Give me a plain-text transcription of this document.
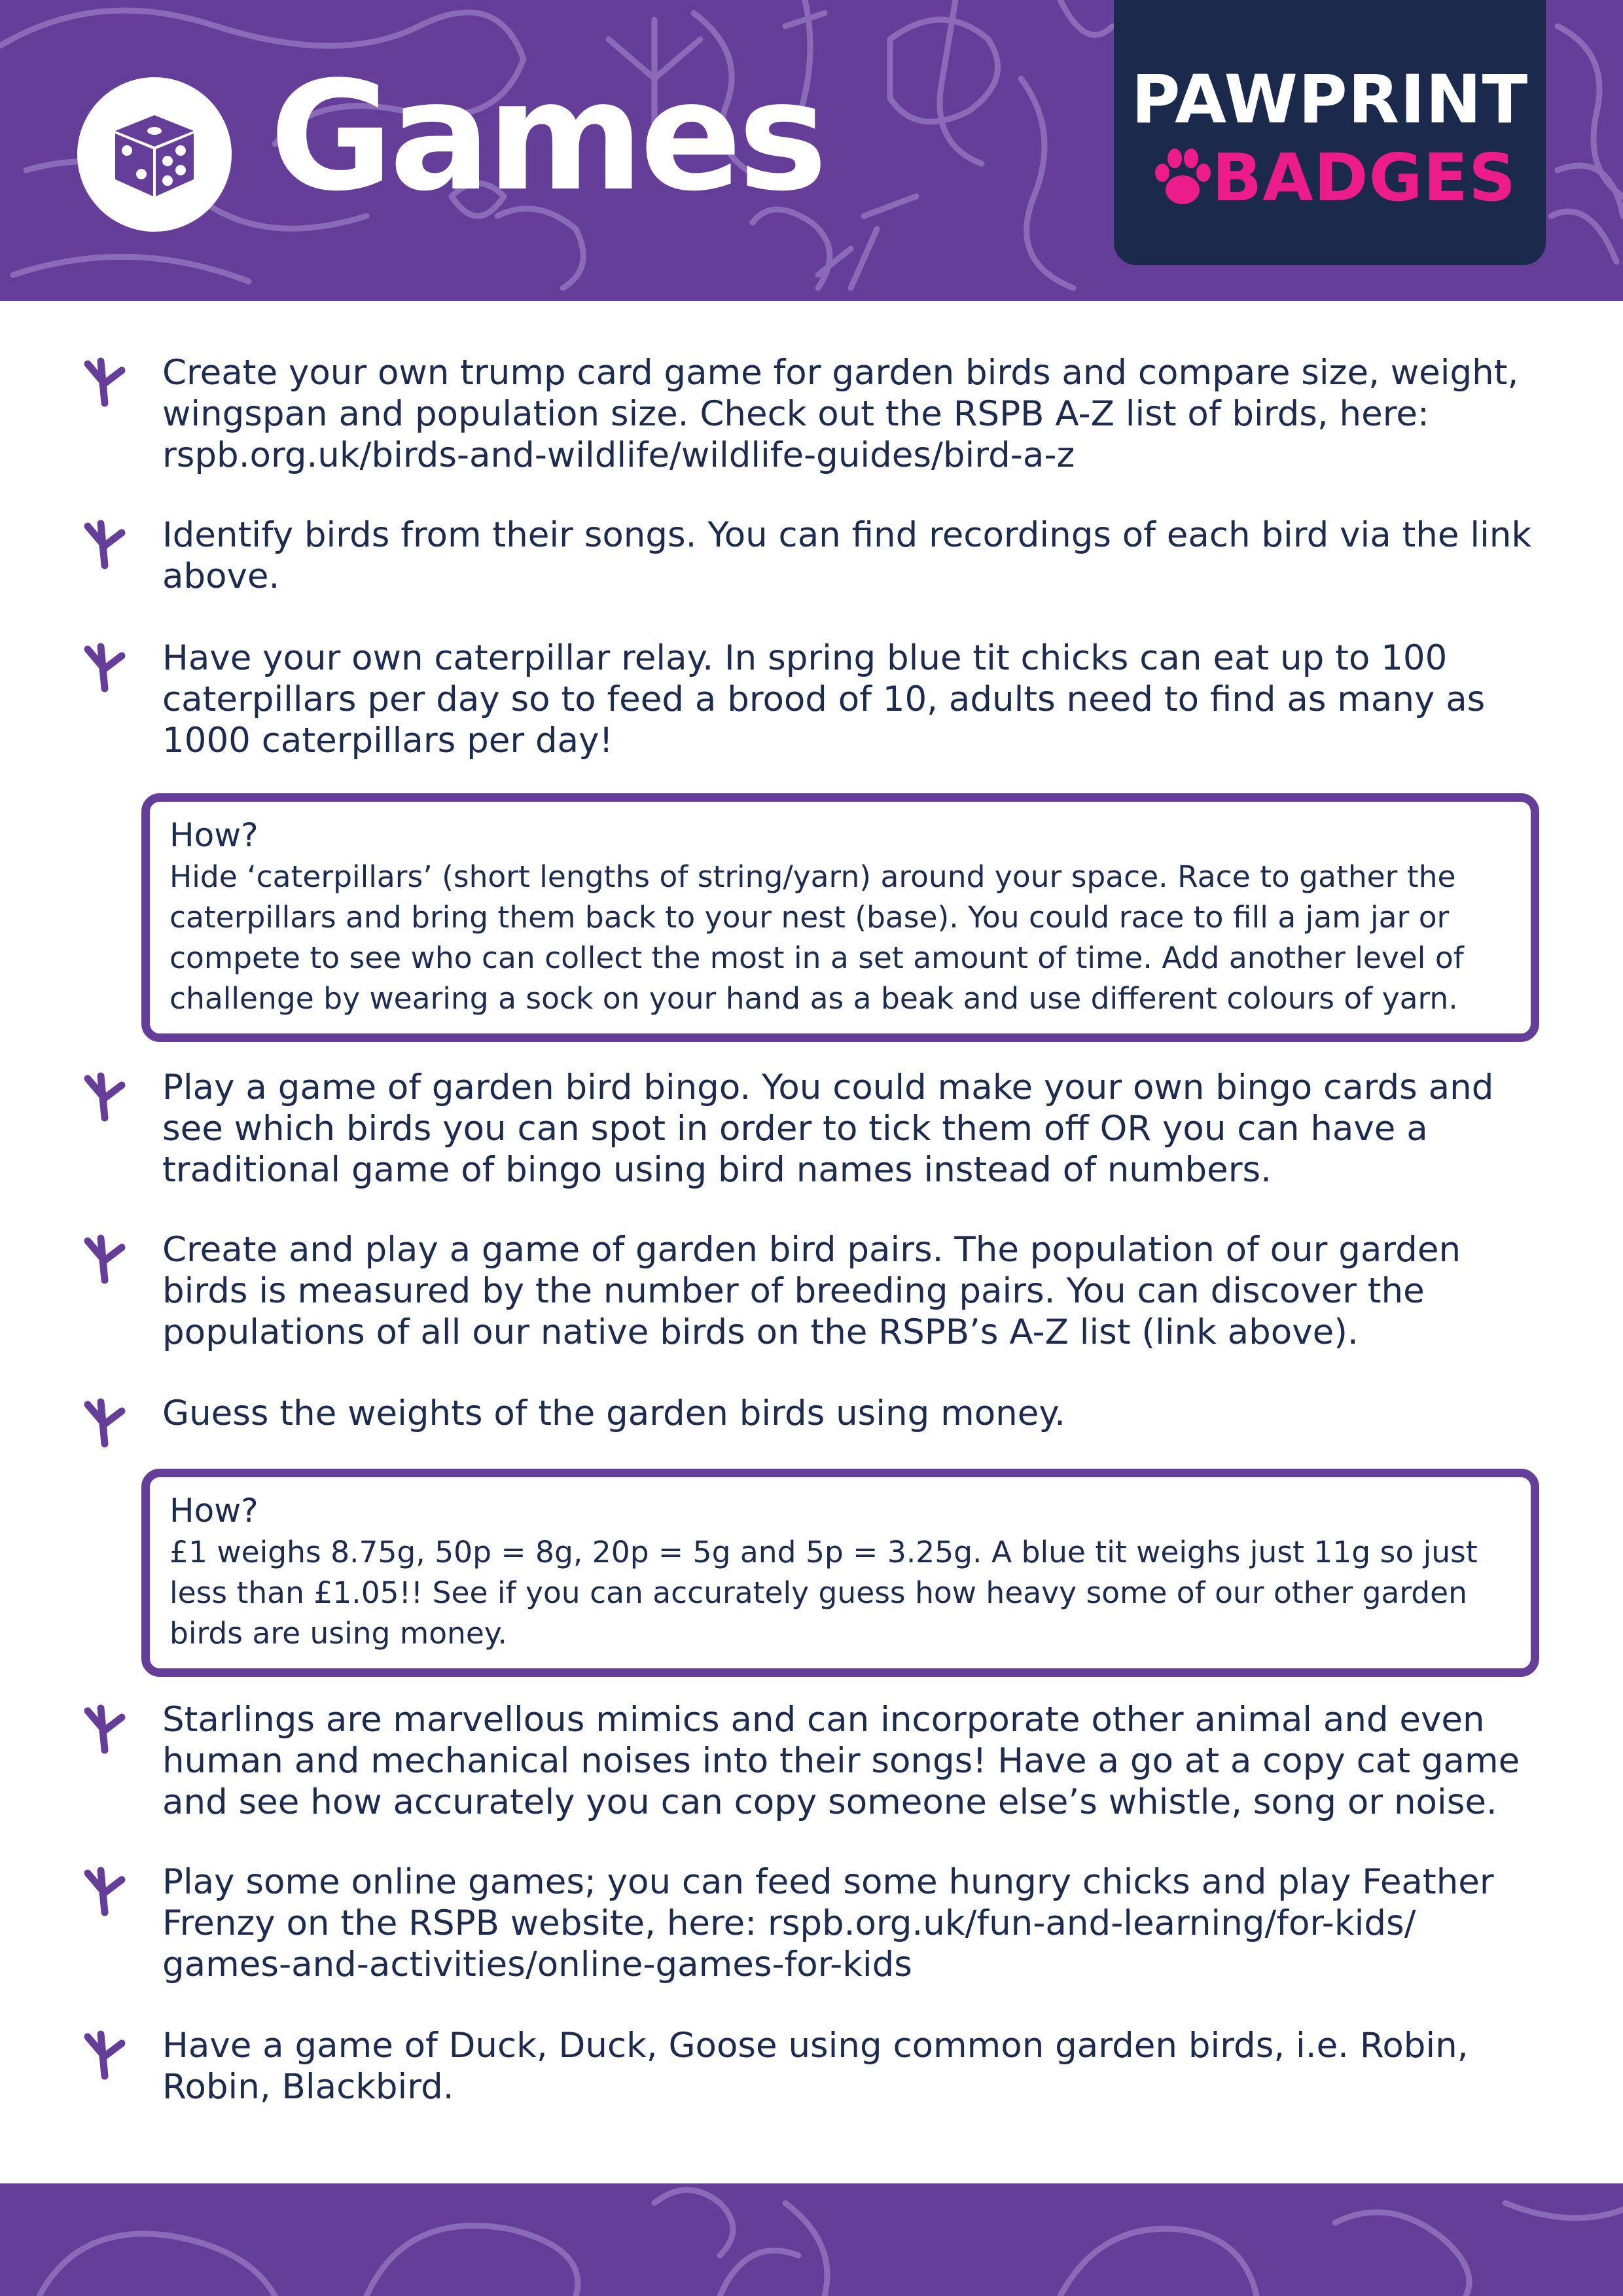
Games	PAWPRINT
BADGES

Create your own trump card game for garden birds and compare size, weight, wingspan and population size. Check out the RSPB A-Z list of birds, here: rspb.org.uk/birds-and-wildlife/wildlife-guides/bird-a-z

Identify birds from their songs. You can find recordings of each bird via the link above.

Have your own caterpillar relay. In spring blue tit chicks can eat up to 100 caterpillars per day so to feed a brood of 10, adults need to find as many as 1000 caterpillars per day!

How?

Hide ‘caterpillars’ (short lengths of string/yarn) around your space. Race to gather the caterpillars and bring them back to your nest (base). You could race to fill a jam jar or compete to see who can collect the most in a set amount of time. Add another level of challenge by wearing a sock on your hand as a beak and use different colours of yarn.

Play a game of garden bird bingo. You could make your own bingo cards and see which birds you can spot in order to tick them off OR you can have a traditional game of bingo using bird names instead of numbers.

Create and play a game of garden bird pairs. The population of our garden birds is measured by the number of breeding pairs. You can discover the populations of all our native birds on the RSPB’s A-Z list (link above).

Guess the weights of the garden birds using money.

How?

£1 weighs 8.75g, 50p = 8g, 20p = 5g and 5p = 3.25g. A blue tit weighs just 11g so just less than £1.05!! See if you can accurately guess how heavy some of our other garden birds are using money.

Starlings are marvellous mimics and can incorporate other animal and even human and mechanical noises into their songs! Have a go at a copy cat game and see how accurately you can copy someone else’s whistle, song or noise.

Play some online games; you can feed some hungry chicks and play Feather Frenzy on the RSPB website, here: rspb.org.uk/fun-and-learning/for-kids/ games-and-activities/online-games-for-kids

Have a game of Duck, Duck, Goose using common garden birds, i.e. Robin, Robin, Blackbird.
